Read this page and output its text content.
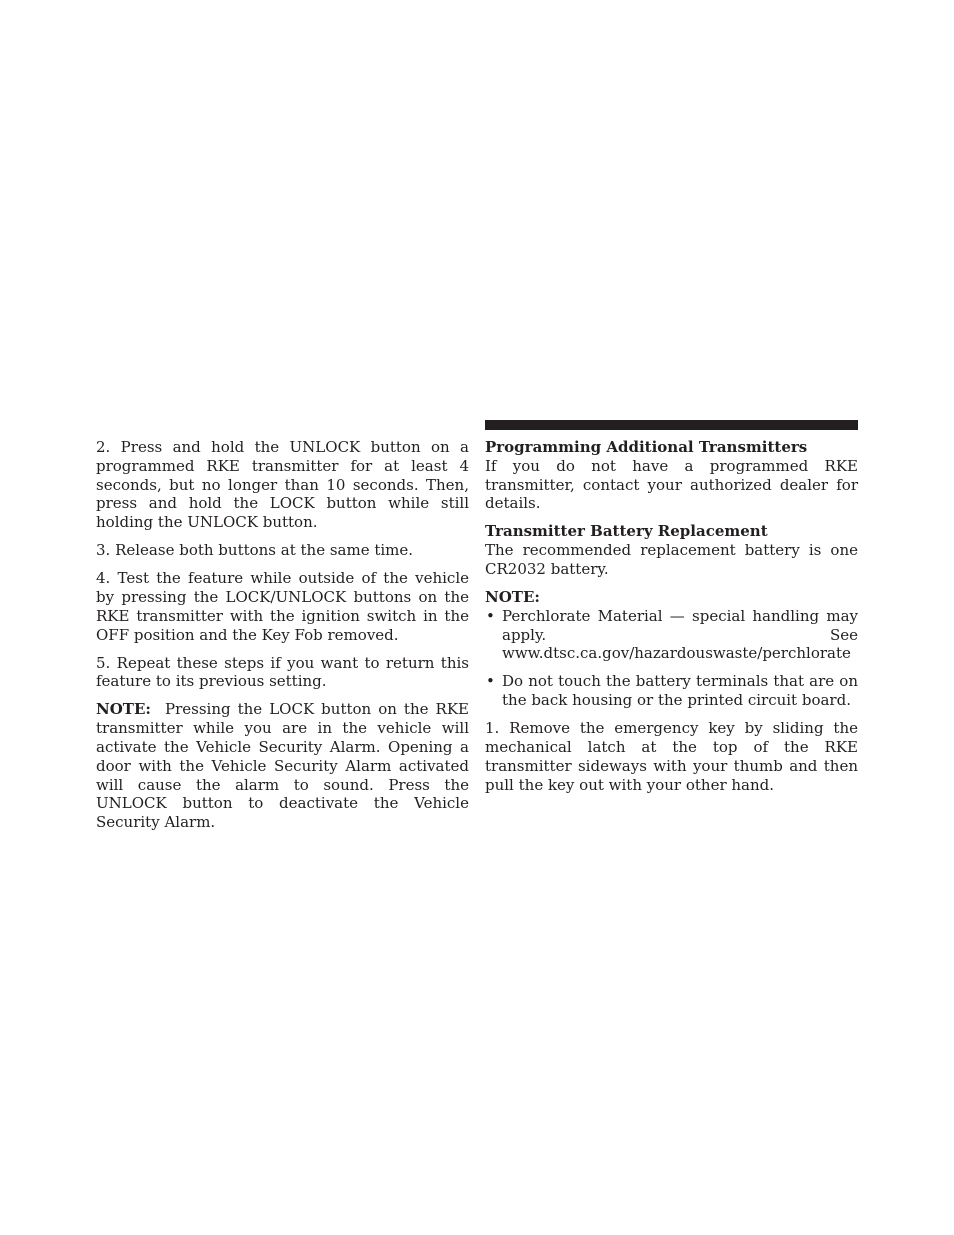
2. Press and hold the UNLOCK button on a programmed RKE transmitter for at least 4 seconds, but no longer than 10 seconds. Then, press and hold the LOCK button while still holding the UNLOCK button.

3. Release both buttons at the same time.

4. Test the feature while outside of the vehicle by pressing the LOCK/UNLOCK buttons on the RKE transmitter with the ignition switch in the OFF position and the Key Fob removed.

5. Repeat these steps if you want to return this feature to its previous setting.

NOTE: Pressing the LOCK button on the RKE transmitter while you are in the vehicle will activate the Vehicle Security Alarm. Opening a door with the Vehicle Security Alarm activated will cause the alarm to sound. Press the UNLOCK button to deactivate the Vehicle Security Alarm.

Programming Additional Transmitters

If you do not have a programmed RKE transmitter, contact your authorized dealer for details.

Transmitter Battery Replacement

The recommended replacement battery is one CR2032 battery.

NOTE:

• Perchlorate Material — special handling may apply. See www.dtsc.ca.gov/hazardouswaste/perchlorate
• Do not touch the battery terminals that are on the back housing or the printed circuit board.

1. Remove the emergency key by sliding the mechanical latch at the top of the RKE transmitter sideways with your thumb and then pull the key out with your other hand.
